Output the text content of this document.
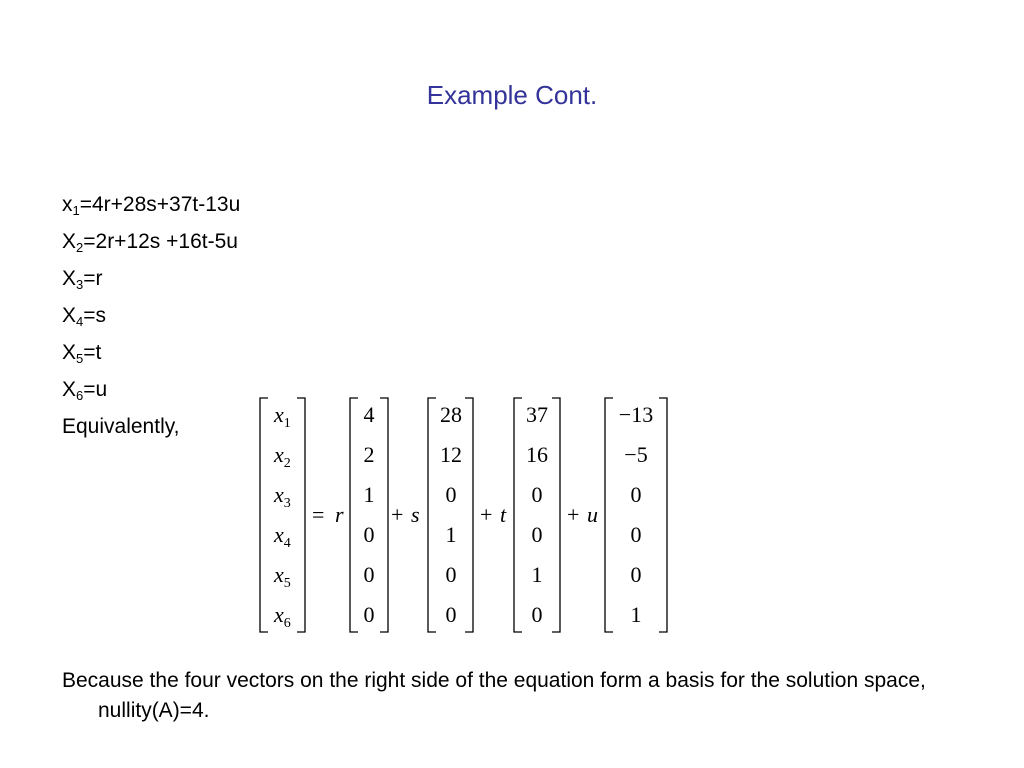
Example Cont.
$x_1=4r+28s+37t-13u$
$X_2=2r+12s +16t-5u$
$X_3=r$
$X_4=s$
$X_5=t$
$X_6=u$
Equivalently,	$x_1$
$x_2$
$x_3$
$x_4$
$x_5$
$x_6$
= r
4
2
1
0
0
0
+ s
28
12
0
1
0
0
+ t
37
16
0
0
1
0
+ u
−13
−5
0
0
0
1
Because the four vectors on the right side of the equation form a basis for the solution space, nullity(A)=4.
